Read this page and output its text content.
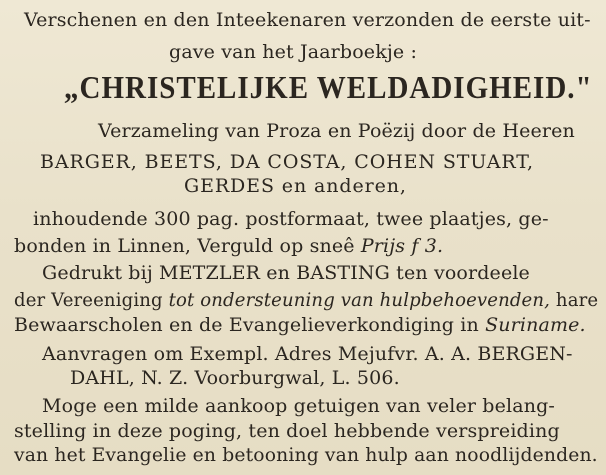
Verschenen en den Inteekenaren verzonden de eerste uit-
gave van het Jaarboekje :
„CHRISTELIJKE WELDADIGHEID."
Verzameling van Proza en Poëzij door de Heeren
BARGER, BEETS, DA COSTA, COHEN STUART,
GERDES en anderen,
inhoudende 300 pag. postformaat, twee plaatjes, ge-
bonden in Linnen, Verguld op sneê Prijs f 3.
Gedrukt bij METZLER en BASTING ten voordeele
der Vereeniging tot ondersteuning van hulpbehoevenden, hare
Bewaarscholen en de Evangelieverkondiging in Suriname.
Aanvragen om Exempl. Adres Mejufvr. A. A. BERGEN-
DAHL, N. Z. Voorburgwal, L. 506.
Moge een milde aankoop getuigen van veler belang-
stelling in deze poging, ten doel hebbende verspreiding
van het Evangelie en betooning van hulp aan noodlijdenden.
